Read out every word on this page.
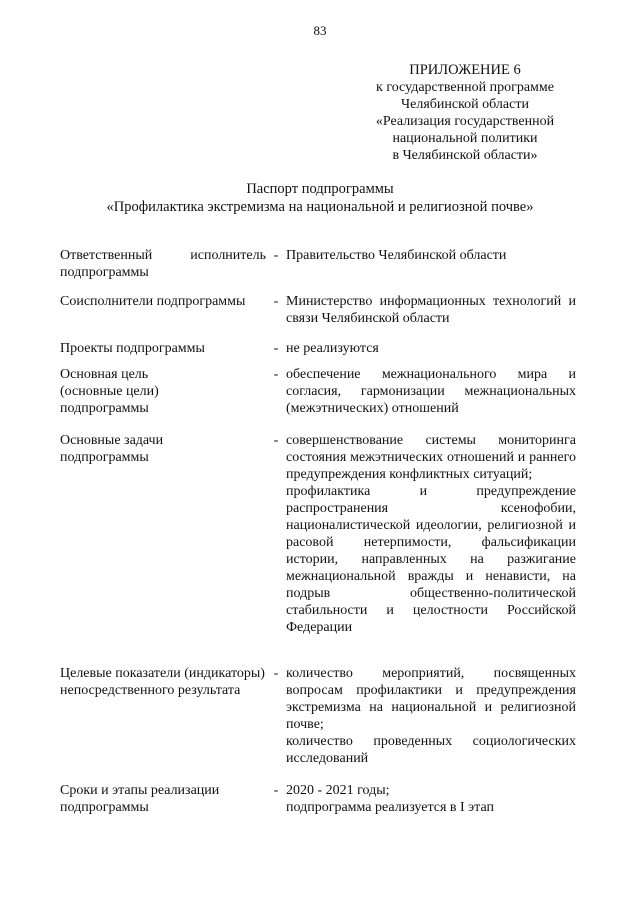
83
ПРИЛОЖЕНИЕ 6
к государственной программе
Челябинской области
«Реализация государственной
национальной политики
в Челябинской области»
Паспорт подпрограммы
«Профилактика экстремизма на национальной и религиозной почве»
Ответственный исполнитель подпрограммы
- Правительство Челябинской области

Соисполнители подпрограммы	- Министерство информационных технологий и связи Челябинской области

Проекты подпрограммы	- не реализуются

Основная цель (основные цели) подпрограммы
- обеспечение межнационального мира и согласия, гармонизации межнациональных (межэтнических) отношений

Основные задачи подпрограммы
- совершенствование системы мониторинга состояния межэтнических отношений и раннего предупреждения конфликтных ситуаций;

профилактика и предупреждение распространения ксенофобии, националистической идеологии, религиозной и расовой нетерпимости, фальсификации истории, направленных на разжигание межнациональной вражды и ненависти, на подрыв общественно-политической стабильности и целостности Российской Федерации

Целевые показатели (индикаторы) непосредственного результата
- количество мероприятий, посвященных вопросам профилактики и предупреждения экстремизма на национальной и религиозной почве;

количество проведенных социологических исследований

Сроки и этапы реализации подпрограммы
- 2020 - 2021 годы;

подпрограмма реализуется в I этап
